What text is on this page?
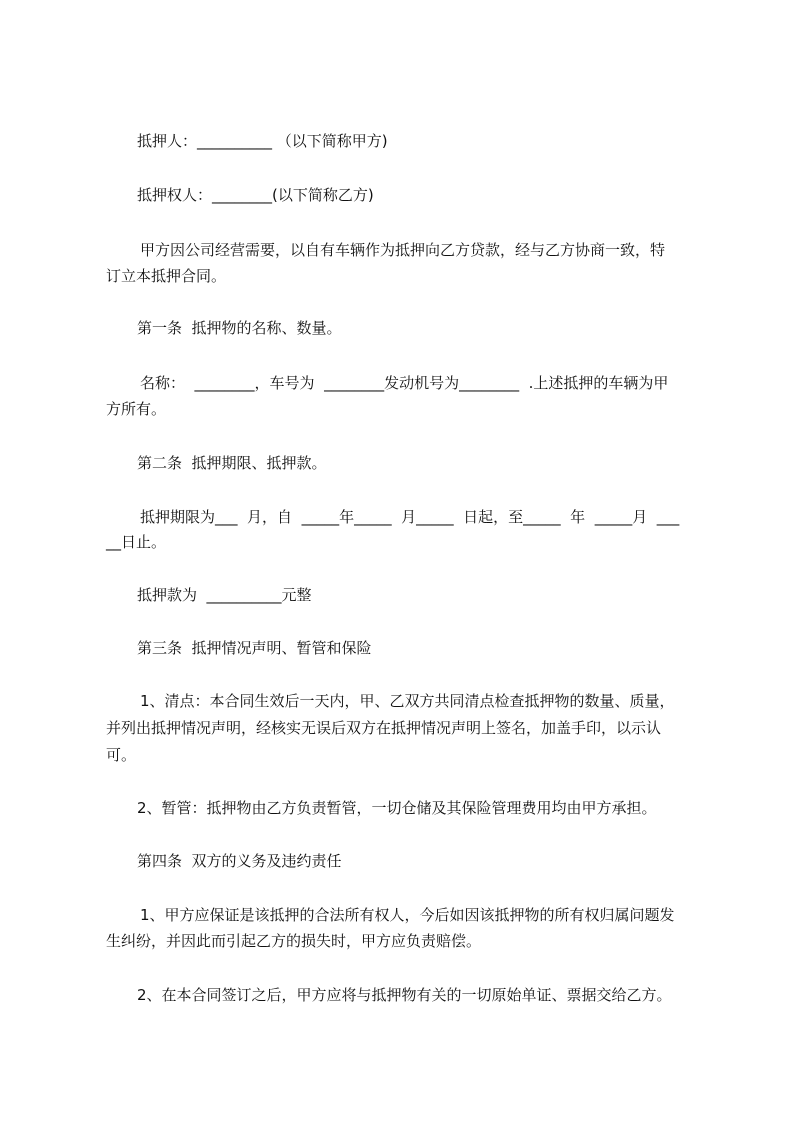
抵押人：__________ （以下简称甲方)
抵押权人：________(以下简称乙方)
甲方因公司经营需要，以自有车辆作为抵押向乙方贷款，经与乙方协商一致，特
订立本抵押合同。
第一条  抵押物的名称、数量。
名称：  ________，车号为  ________发动机号为________  .上述抵押的车辆为甲
方所有。
第二条  抵押期限、抵押款。
抵押期限为___  月，自  _____年_____  月_____  日起，至_____  年  _____月  ___
__日止。
抵押款为  __________元整
第三条  抵押情况声明、暂管和保险
1、清点：本合同生效后一天内，甲、乙双方共同清点检查抵押物的数量、质量，
并列出抵押情况声明，经核实无误后双方在抵押情况声明上签名，加盖手印，以示认
可。
2、暂管：抵押物由乙方负责暂管，一切仓储及其保险管理费用均由甲方承担。
第四条  双方的义务及违约责任
1、甲方应保证是该抵押的合法所有权人，今后如因该抵押物的所有权归属问题发
生纠纷，并因此而引起乙方的损失时，甲方应负责赔偿。
2、在本合同签订之后，甲方应将与抵押物有关的一切原始单证、票据交给乙方。
